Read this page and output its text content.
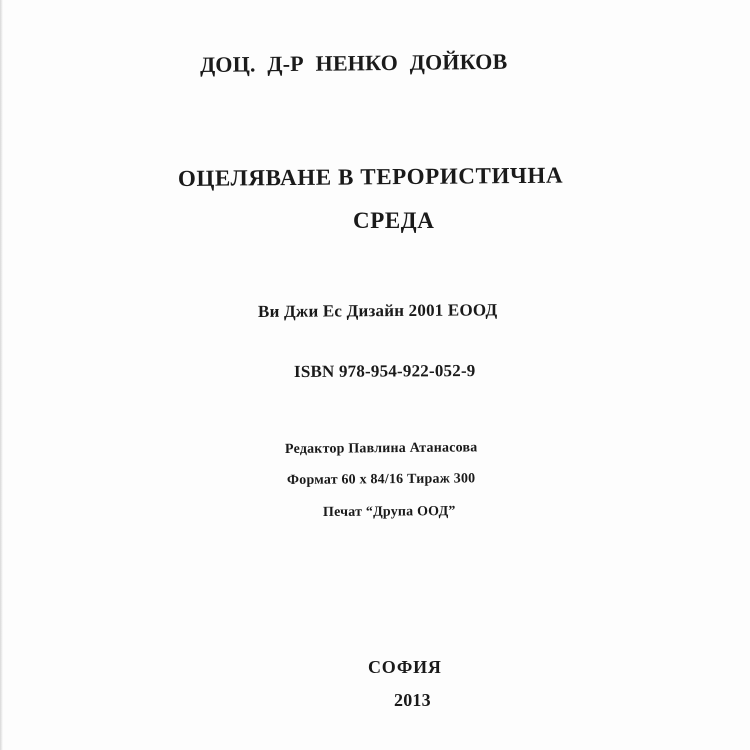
ДОЦ. Д-Р НЕНКО ДОЙКОВ
ОЦЕЛЯВАНЕ В ТЕРОРИСТИЧНА
СРЕДА
Ви Джи Ес Дизайн 2001 ЕООД
ISBN 978-954-922-052-9
Редактор Павлина Атанасова
Формат 60 х 84/16 Тираж 300
Печат “Друпа ООД”
СОФИЯ
2013
